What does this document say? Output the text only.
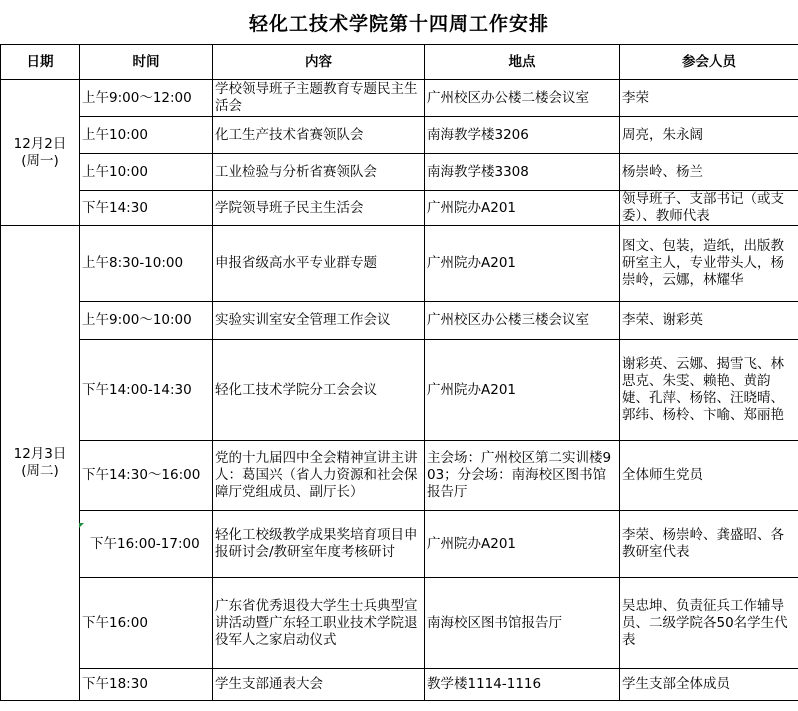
轻化工技术学院第十四周工作安排
日期	时间	内容	地点	参会人员

12月2日
(周一)	上午9:00～12:00	学校领导班子主题教育专题民主生活会	广州校区办公楼二楼会议室	李荣
	上午10:00	化工生产技术省赛领队会	南海教学楼3206	周亮，朱永阔
	上午10:00	工业检验与分析省赛领队会	南海教学楼3308	杨崇岭、杨兰
	下午14:30	学院领导班子民主生活会	广州院办A201	领导班子、支部书记（或支委）、教师代表

12月3日
(周二)	上午8:30-10:00	申报省级高水平专业群专题	广州院办A201	图文、包装，造纸，出版教研室主人，专业带头人，杨崇岭，云娜，林耀华
	上午9:00～10:00	实验实训室安全管理工作会议	广州校区办公楼三楼会议室	李荣、谢彩英
	下午14:00-14:30	轻化工技术学院分工会会议	广州院办A201	谢彩英、云娜、揭雪飞、林思克、朱雯、赖艳、黄韵婕、孔萍、杨铭、汪晓晴、郭纬、杨柃、卞喻、郑丽艳
	下午14:30～16:00	党的十九届四中全会精神宣讲主讲人：葛国兴（省人力资源和社会保障厅党组成员、副厅长）	主会场：广州校区第二实训楼903；分会场：南海校区图书馆报告厅	全体师生党员
	下午16:00-17:00	轻化工校级教学成果奖培育项目申报研讨会/教研室年度考核研讨	广州院办A201	李荣、杨崇岭、龚盛昭、各教研室代表
	下午16:00	广东省优秀退役大学生士兵典型宣讲活动暨广东轻工职业技术学院退役军人之家启动仪式	南海校区图书馆报告厅	吴忠坤、负责征兵工作辅导员、二级学院各50名学生代表
	下午18:30	学生支部通表大会	教学楼1114-1116	学生支部全体成员
